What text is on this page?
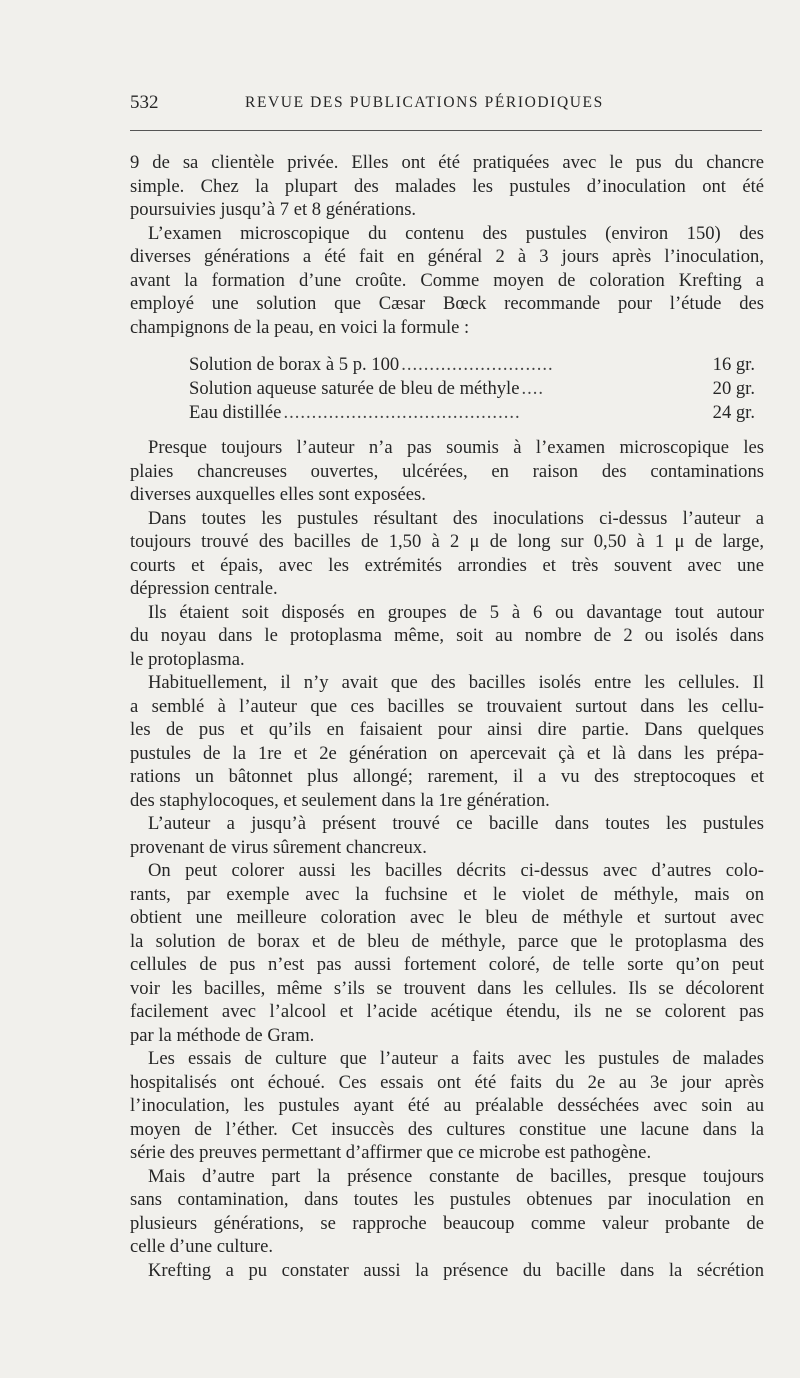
532	REVUE DES PUBLICATIONS PÉRIODIQUES
9 de sa clientèle privée. Elles ont été pratiquées avec le pus du chancre
simple. Chez la plupart des malades les pustules d’inoculation ont été
poursuivies jusqu’à 7 et 8 générations.
L’examen microscopique du contenu des pustules (environ 150) des
diverses générations a été fait en général 2 à 3 jours après l’inoculation,
avant la formation d’une croûte. Comme moyen de coloration Krefting a
employé une solution que Cæsar Bœck recommande pour l’étude des
champignons de la peau, en voici la formule :
Solution de borax à 5 p. 100 ...........................	16 gr.
Solution aqueuse saturée de bleu de méthyle ....	20 gr.
Eau distillée ..........................................	24 gr.
Presque toujours l’auteur n’a pas soumis à l’examen microscopique les
plaies chancreuses ouvertes, ulcérées, en raison des contaminations
diverses auxquelles elles sont exposées.
Dans toutes les pustules résultant des inoculations ci-dessus l’auteur a
toujours trouvé des bacilles de 1,50 à 2 μ de long sur 0,50 à 1 μ de large,
courts et épais, avec les extrémités arrondies et très souvent avec une
dépression centrale.
Ils étaient soit disposés en groupes de 5 à 6 ou davantage tout autour
du noyau dans le protoplasma même, soit au nombre de 2 ou isolés dans
le protoplasma.
Habituellement, il n’y avait que des bacilles isolés entre les cellules. Il
a semblé à l’auteur que ces bacilles se trouvaient surtout dans les cellu-
les de pus et qu’ils en faisaient pour ainsi dire partie. Dans quelques
pustules de la 1re et 2e génération on apercevait çà et là dans les prépa-
rations un bâtonnet plus allongé; rarement, il a vu des streptocoques et
des staphylocoques, et seulement dans la 1re génération.
L’auteur a jusqu’à présent trouvé ce bacille dans toutes les pustules
provenant de virus sûrement chancreux.
On peut colorer aussi les bacilles décrits ci-dessus avec d’autres colo-
rants, par exemple avec la fuchsine et le violet de méthyle, mais on
obtient une meilleure coloration avec le bleu de méthyle et surtout avec
la solution de borax et de bleu de méthyle, parce que le protoplasma des
cellules de pus n’est pas aussi fortement coloré, de telle sorte qu’on peut
voir les bacilles, même s’ils se trouvent dans les cellules. Ils se décolorent
facilement avec l’alcool et l’acide acétique étendu, ils ne se colorent pas
par la méthode de Gram.
Les essais de culture que l’auteur a faits avec les pustules de malades
hospitalisés ont échoué. Ces essais ont été faits du 2e au 3e jour après
l’inoculation, les pustules ayant été au préalable desséchées avec soin au
moyen de l’éther. Cet insuccès des cultures constitue une lacune dans la
série des preuves permettant d’affirmer que ce microbe est pathogène.
Mais d’autre part la présence constante de bacilles, presque toujours
sans contamination, dans toutes les pustules obtenues par inoculation en
plusieurs générations, se rapproche beaucoup comme valeur probante de
celle d’une culture.
Krefting a pu constater aussi la présence du bacille dans la sécrétion
